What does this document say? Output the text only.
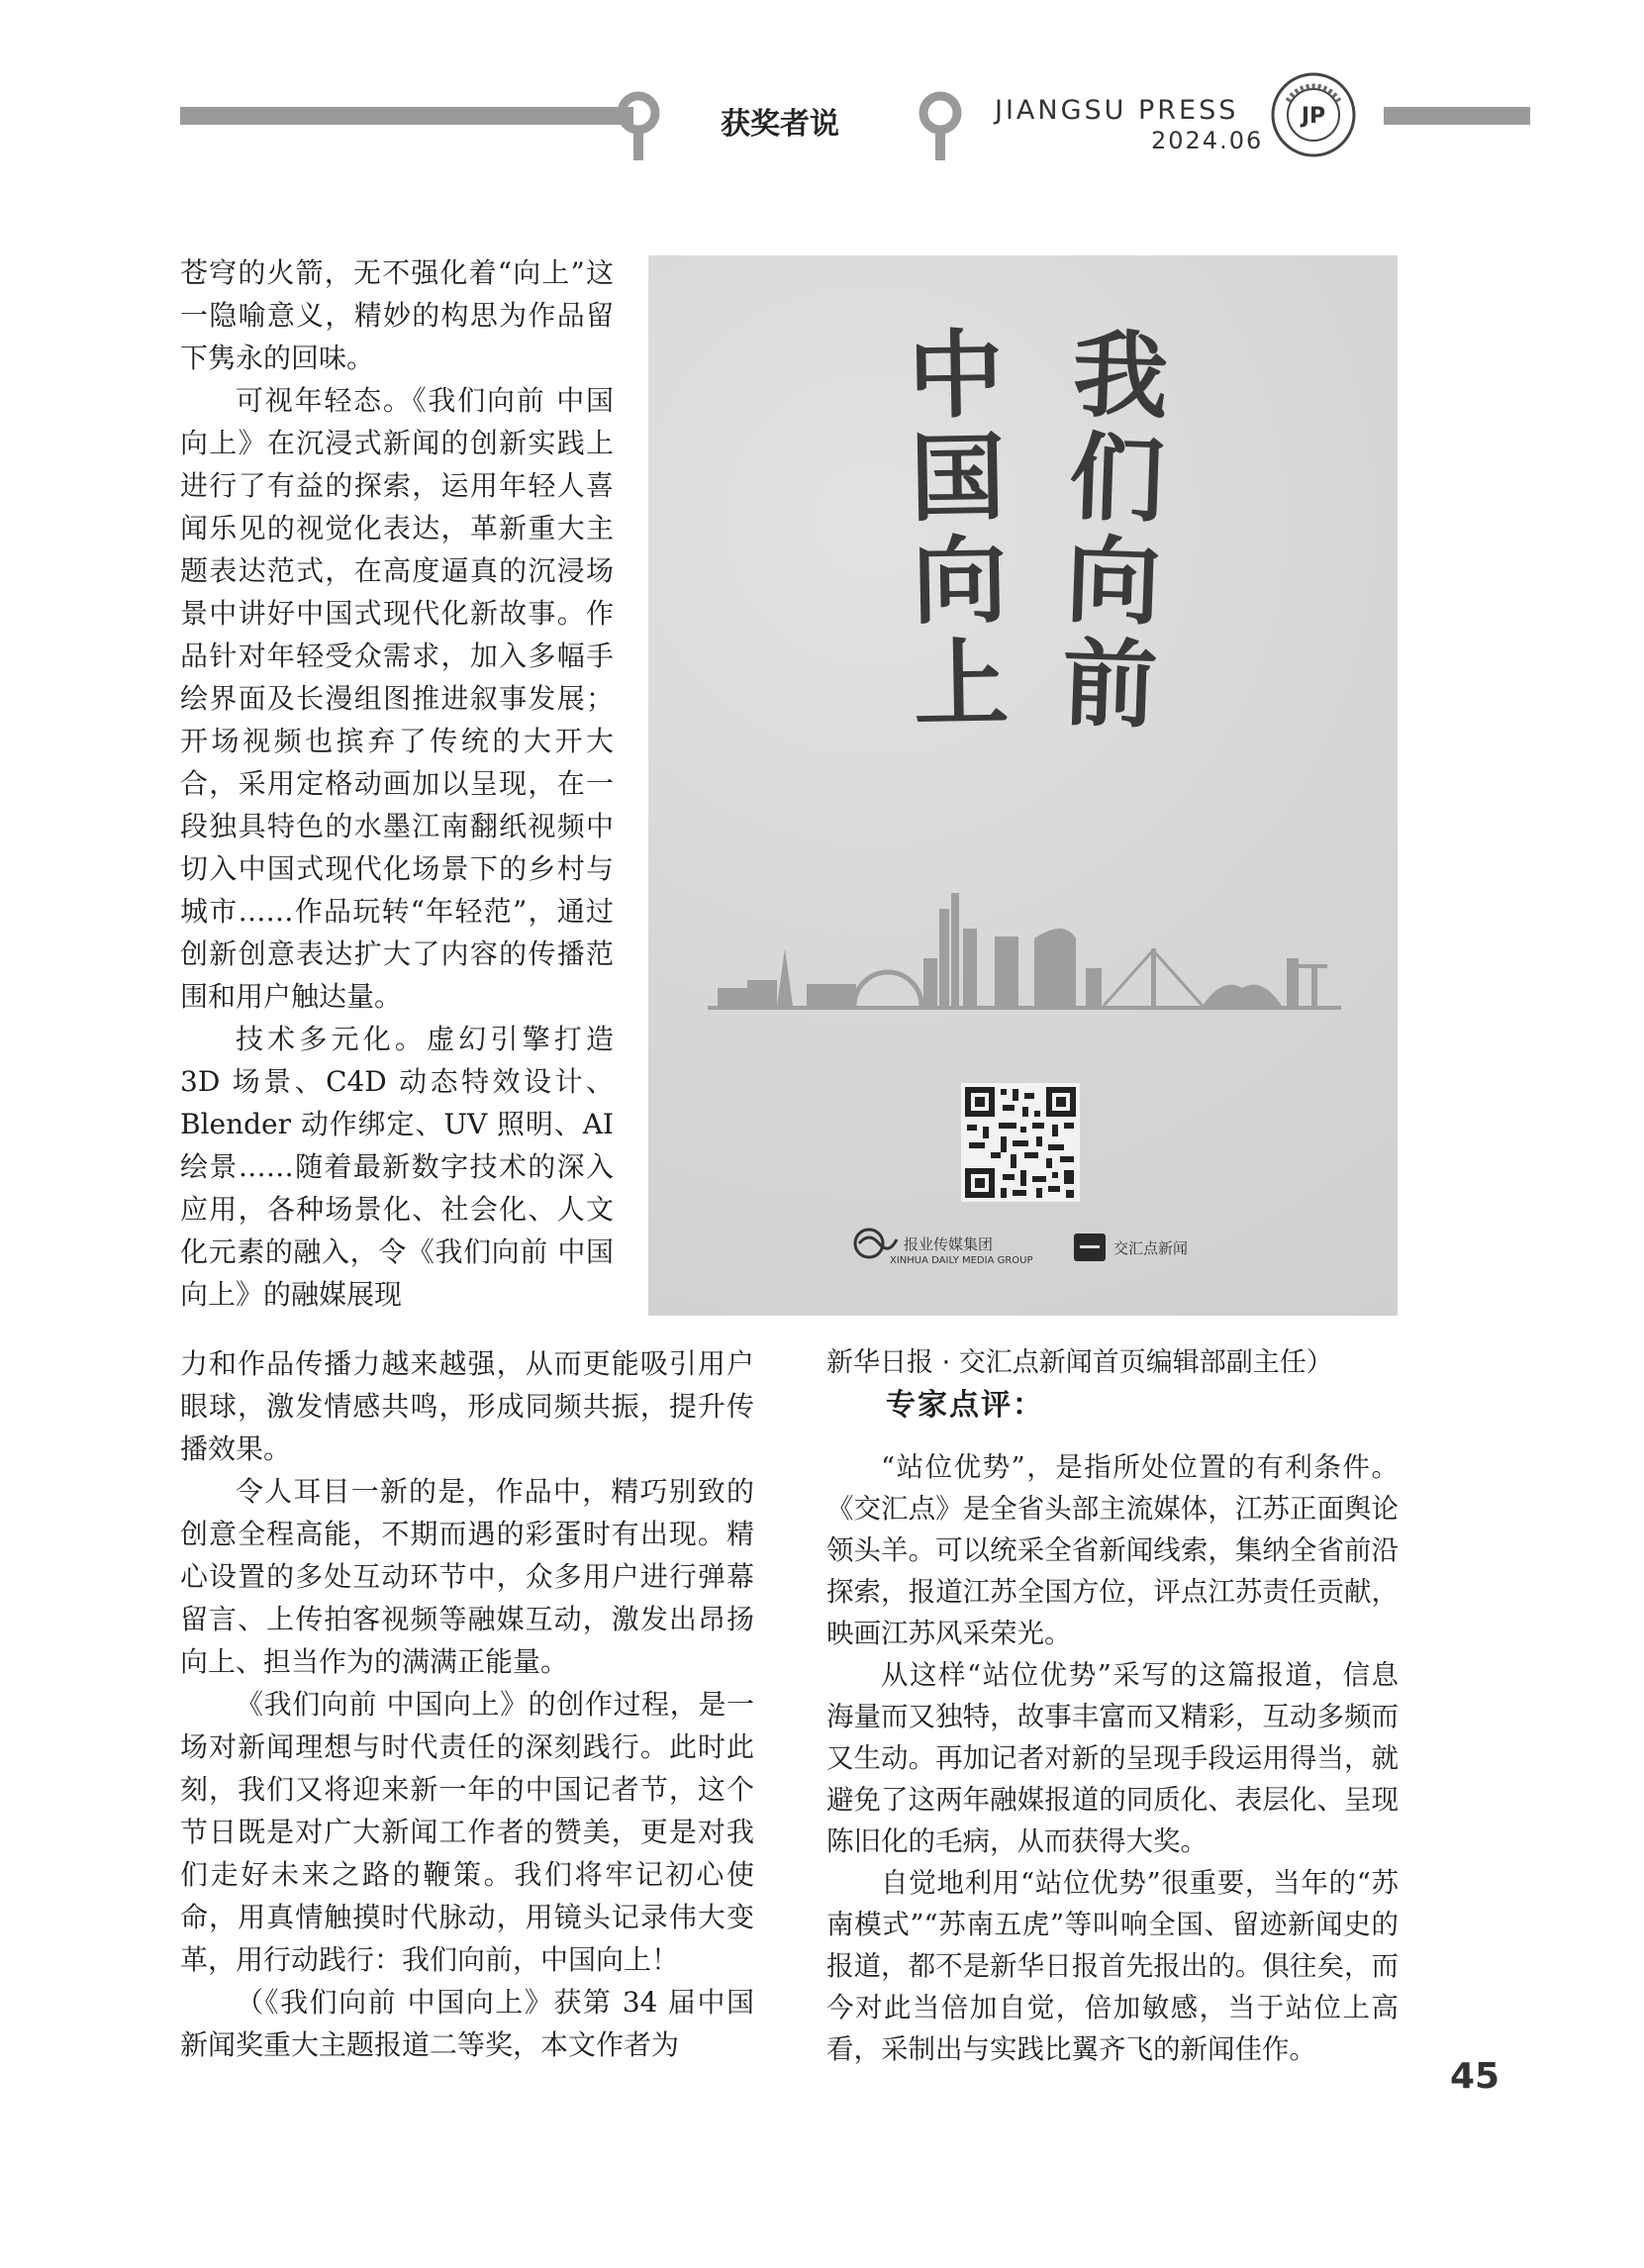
获奖者说	JIANGSU PRESS
2024.06
JP

苍穹的火箭，无不强化着“向上”这一隐喻意义，精妙的构思为作品留下隽永的回味。

可视年轻态。《我们向前 中国向上》在沉浸式新闻的创新实践上进行了有益的探索，运用年轻人喜闻乐见的视觉化表达，革新重大主题表达范式，在高度逼真的沉浸场景中讲好中国式现代化新故事。作品针对年轻受众需求，加入多幅手绘界面及长漫组图推进叙事发展；开场视频也摈弃了传统的大开大合，采用定格动画加以呈现，在一段独具特色的水墨江南翻纸视频中切入中国式现代化场景下的乡村与城市……作品玩转“年轻范”，通过创新创意表达扩大了内容的传播范围和用户触达量。

技术多元化。虚幻引擎打造 3D 场景、C4D 动态特效设计、Blender 动作绑定、UV 照明、AI 绘景……随着最新数字技术的深入应用，各种场景化、社会化、人文化元素的融入，令《我们向前 中国向上》的融媒展现

我们向前
中国向上
报业传媒集团
XINHUA DAILY MEDIA GROUP
交汇点新闻

力和作品传播力越来越强，从而更能吸引用户眼球，激发情感共鸣，形成同频共振，提升传播效果。

令人耳目一新的是，作品中，精巧别致的创意全程高能，不期而遇的彩蛋时有出现。精心设置的多处互动环节中，众多用户进行弹幕留言、上传拍客视频等融媒互动，激发出昂扬向上、担当作为的满满正能量。

《我们向前 中国向上》的创作过程，是一场对新闻理想与时代责任的深刻践行。此时此刻，我们又将迎来新一年的中国记者节，这个节日既是对广大新闻工作者的赞美，更是对我们走好未来之路的鞭策。我们将牢记初心使命，用真情触摸时代脉动，用镜头记录伟大变革，用行动践行：我们向前，中国向上！

（《我们向前 中国向上》获第 34 届中国新闻奖重大主题报道二等奖，本文作者为

新华日报 · 交汇点新闻首页编辑部副主任）

专家点评：

“站位优势”，是指所处位置的有利条件。《交汇点》是全省头部主流媒体，江苏正面舆论领头羊。可以统采全省新闻线索，集纳全省前沿探索，报道江苏全国方位，评点江苏责任贡献，映画江苏风采荣光。

从这样“站位优势”采写的这篇报道，信息海量而又独特，故事丰富而又精彩，互动多频而又生动。再加记者对新的呈现手段运用得当，就避免了这两年融媒报道的同质化、表层化、呈现陈旧化的毛病，从而获得大奖。

自觉地利用“站位优势”很重要，当年的“苏南模式”“苏南五虎”等叫响全国、留迹新闻史的报道，都不是新华日报首先报出的。俱往矣，而今对此当倍加自觉，倍加敏感，当于站位上高看，采制出与实践比翼齐飞的新闻佳作。

45
